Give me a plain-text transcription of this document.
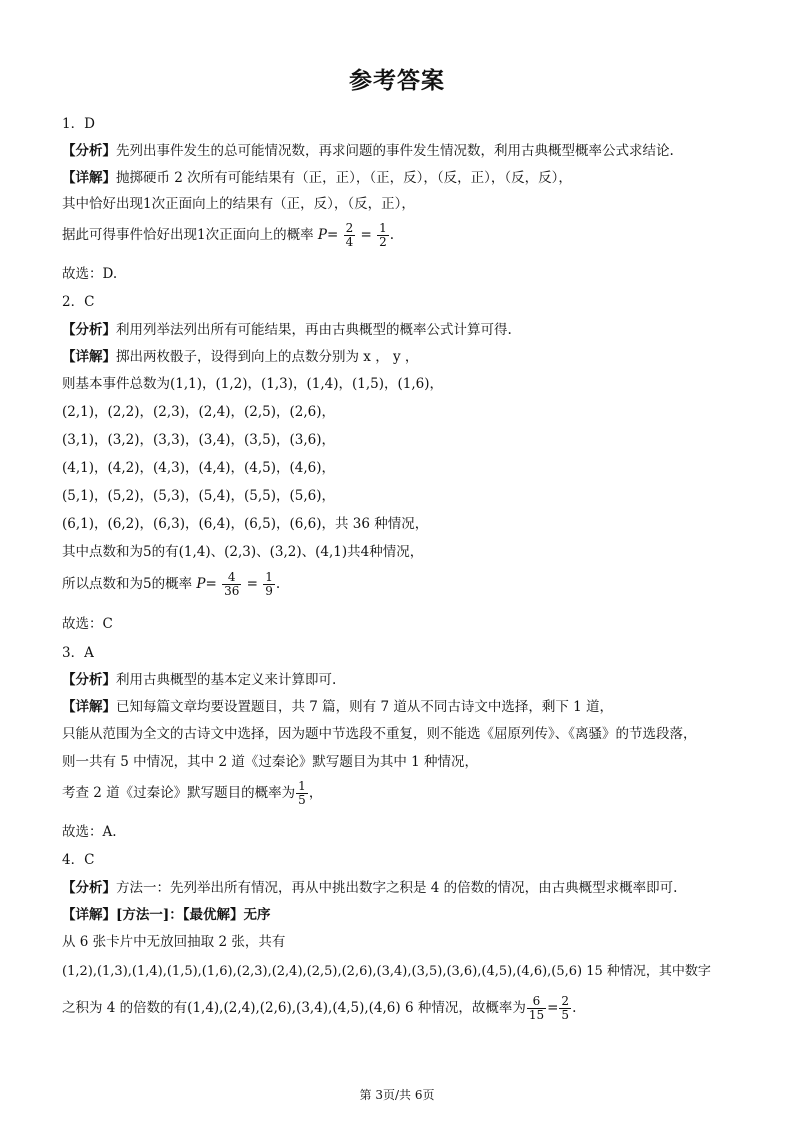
参考答案
1．D
【分析】先列出事件发生的总可能情况数，再求问题的事件发生情况数，利用古典概型概率公式求结论.
【详解】抛掷硬币 2 次所有可能结果有（正，正），（正，反），（反，正），（反，反），
其中恰好出现1次正面向上的结果有（正，反），（反，正），
据此可得事件恰好出现1次正面向上的概率 $P= \frac{2}{4} = \frac{1}{2}$ .
故选：D.
2．C
【分析】利用列举法列出所有可能结果，再由古典概型的概率公式计算可得.
【详解】掷出两枚骰子，设得到向上的点数分别为 x ， y ，
则基本事件总数为(1,1)，(1,2)，(1,3)，(1,4)，(1,5)，(1,6)，
(2,1)，(2,2)，(2,3)，(2,4)，(2,5)，(2,6)，
(3,1)，(3,2)，(3,3)，(3,4)，(3,5)，(3,6)，
(4,1)，(4,2)，(4,3)，(4,4)，(4,5)，(4,6)，
(5,1)，(5,2)，(5,3)，(5,4)，(5,5)，(5,6)，
(6,1)，(6,2)，(6,3)，(6,4)，(6,5)，(6,6)，共 36 种情况，
其中点数和为5的有(1,4)、(2,3)、(3,2)、(4,1)共4种情况，
所以点数和为5的概率 $P= \frac{4}{36} = \frac{1}{9}$ .
故选：C
3．A
【分析】利用古典概型的基本定义来计算即可.
【详解】已知每篇文章均要设置题目，共 7 篇，则有 7 道从不同古诗文中选择，剩下 1 道，
只能从范围为全文的古诗文中选择，因为题中节选段不重复，则不能选《屈原列传》、《离骚》的节选段落，
则一共有 5 中情况，其中 2 道《过秦论》默写题目为其中 1 种情况，
考查 2 道《过秦论》默写题目的概率为 $\frac{1}{5}$ ，
故选：A.
4．C
【分析】方法一：先列举出所有情况，再从中挑出数字之积是 4 的倍数的情况，由古典概型求概率即可.
【详解】[方法一]：【最优解】无序
从 6 张卡片中无放回抽取 2 张，共有
(1,2),(1,3),(1,4),(1,5),(1,6),(2,3),(2,4),(2,5),(2,6),(3,4),(3,5),(3,6),(4,5),(4,6),(5,6) 15 种情况，其中数字
之积为 4 的倍数的有(1,4),(2,4),(2,6),(3,4),(4,5),(4,6) 6 种情况，故概率为 $\frac{6}{15} = \frac{2}{5}$ .
第 3页/共 6页
